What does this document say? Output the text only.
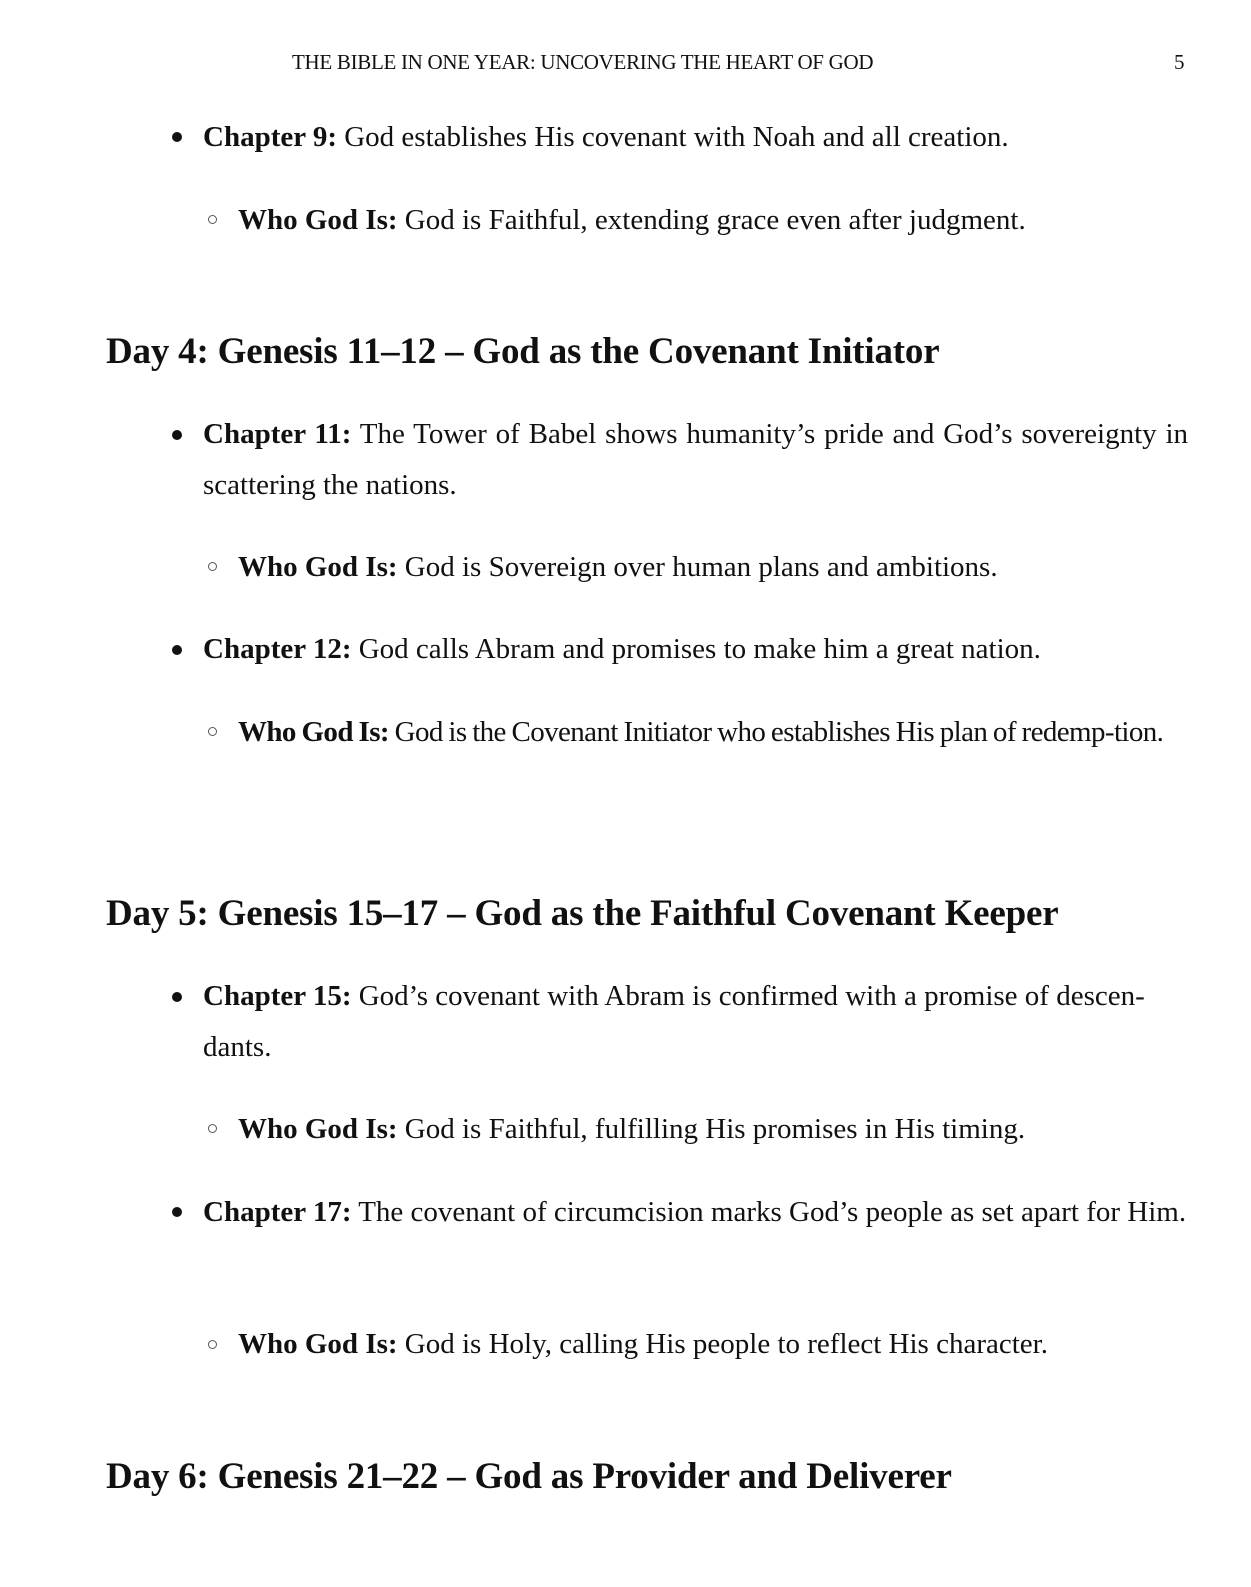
THE BIBLE IN ONE YEAR: UNCOVERING THE HEART OF GOD	5
Chapter 9: God establishes His covenant with Noah and all creation.
Who God Is: God is Faithful, extending grace even after judgment.
Day 4: Genesis 11–12 – God as the Covenant Initiator
Chapter 11: The Tower of Babel shows humanity’s pride and God’s sovereignty in scattering the nations.
Who God Is: God is Sovereign over human plans and ambitions.
Chapter 12: God calls Abram and promises to make him a great nation.
Who God Is: God is the Covenant Initiator who establishes His plan of redemp-tion.
Day 5: Genesis 15–17 – God as the Faithful Covenant Keeper
Chapter 15: God’s covenant with Abram is confirmed with a promise of descen-dants.
Who God Is: God is Faithful, fulfilling His promises in His timing.
Chapter 17: The covenant of circumcision marks God’s people as set apart for Him.
Who God Is: God is Holy, calling His people to reflect His character.
Day 6: Genesis 21–22 – God as Provider and Deliverer
